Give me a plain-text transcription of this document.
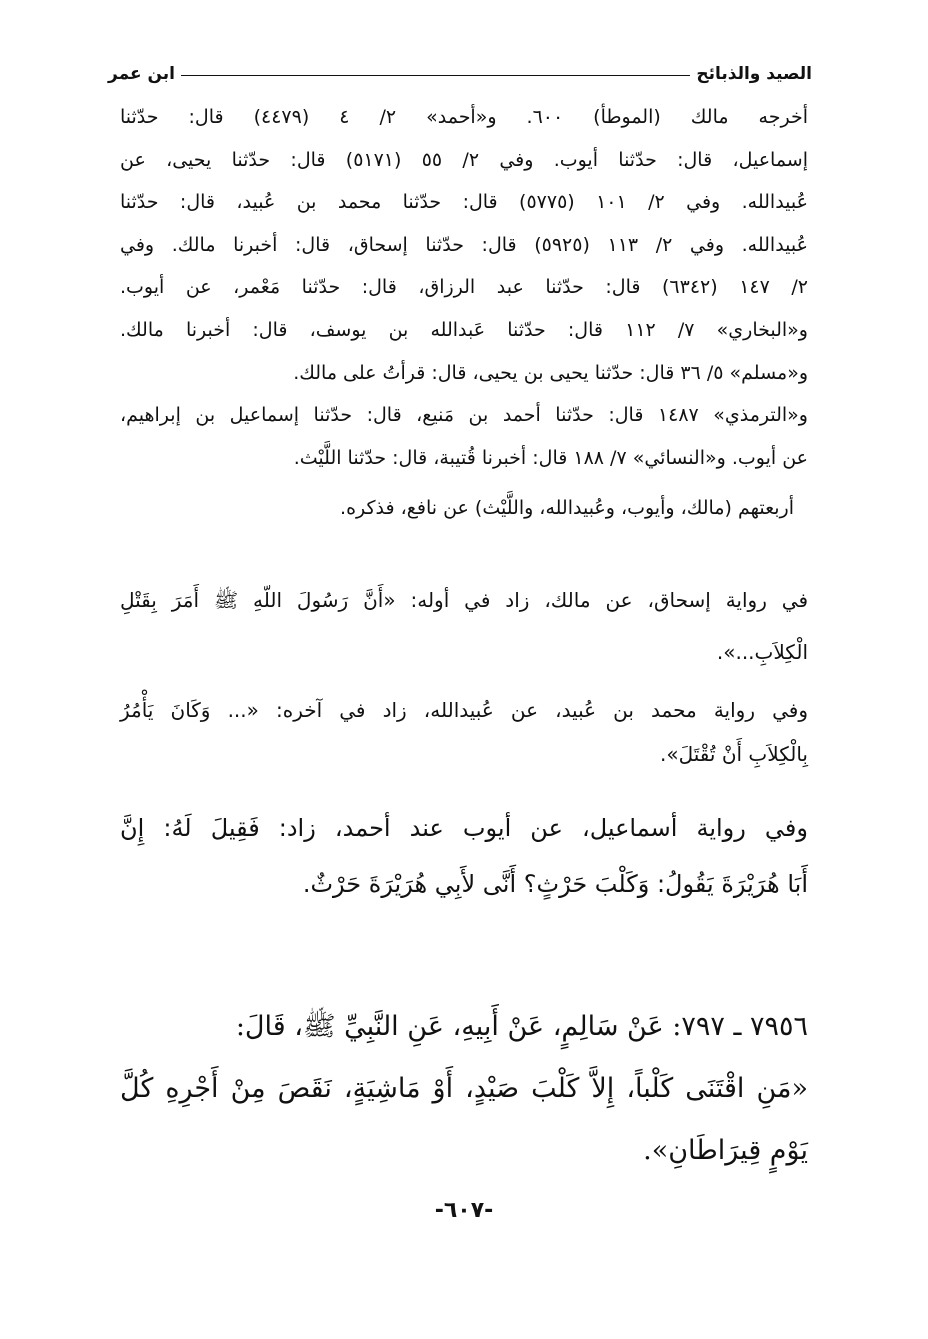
الصيد والذبائح
ابن عمر
أخرجه مالك (الموطأ) ٦٠٠. و«أحمد» ٢/ ٤ (٤٤٧٩) قال: حدّثنا
إسماعيل، قال: حدّثنا أيوب. وفي ٢/ ٥٥ (٥١٧١) قال: حدّثنا يحيى، عن
عُبيدالله. وفي ٢/ ١٠١ (٥٧٧٥) قال: حدّثنا محمد بن عُبيد، قال: حدّثنا
عُبيدالله. وفي ٢/ ١١٣ (٥٩٢٥) قال: حدّثنا إسحاق، قال: أخبرنا مالك. وفي
٢/ ١٤٧ (٦٣٤٢) قال: حدّثنا عبد الرزاق، قال: حدّثنا مَعْمر، عن أيوب.
و«البخاري» ٧/ ١١٢ قال: حدّثنا عَبدالله بن يوسف، قال: أخبرنا مالك.
و«مسلم» ٥/ ٣٦ قال: حدّثنا يحيى بن يحيى، قال: قرأتُ على مالك.
و«الترمذي» ١٤٨٧ قال: حدّثنا أحمد بن مَنيع، قال: حدّثنا إسماعيل بن إبراهيم،
عن أيوب. و«النسائي» ٧/ ١٨٨ قال: أخبرنا قُتيبة، قال: حدّثنا اللَّيْث.
أربعتهم (مالك، وأيوب، وعُبيدالله، واللَّيْث) عن نافع، فذكره.
في رواية إسحاق، عن مالك، زاد في أوله: «أَنَّ رَسُولَ اللّهِ ﷺ أَمَرَ بِقَتْلِ
الْكِلاَبِ...».
وفي رواية محمد بن عُبيد، عن عُبيدالله، زاد في آخره: «... وَكَانَ يَأْمُرُ
بِالْكِلاَبِ أَنْ تُقْتَلَ».
وفي رواية أسماعيل، عن أيوب عند أحمد، زاد: فَقِيلَ لَهُ: إِنَّ
أَبَا هُرَيْرَةَ يَقُولُ: وَكَلْبَ حَرْثٍ؟ أَنَّى لأَبِي هُرَيْرَةَ حَرْثٌ.
٧٩٥٦ ـ ٧٩٧: عَنْ سَالِمٍ، عَنْ أَبِيهِ، عَنِ النَّبِيِّ ﷺ، قَالَ:
«مَنِ اقْتَنَى كَلْباً، إِلاَّ كَلْبَ صَيْدٍ، أَوْ مَاشِيَةٍ، نَقَصَ مِنْ أَجْرِهِ كُلَّ
يَوْمٍ قِيرَاطَانِ».
-٦٠٧-
